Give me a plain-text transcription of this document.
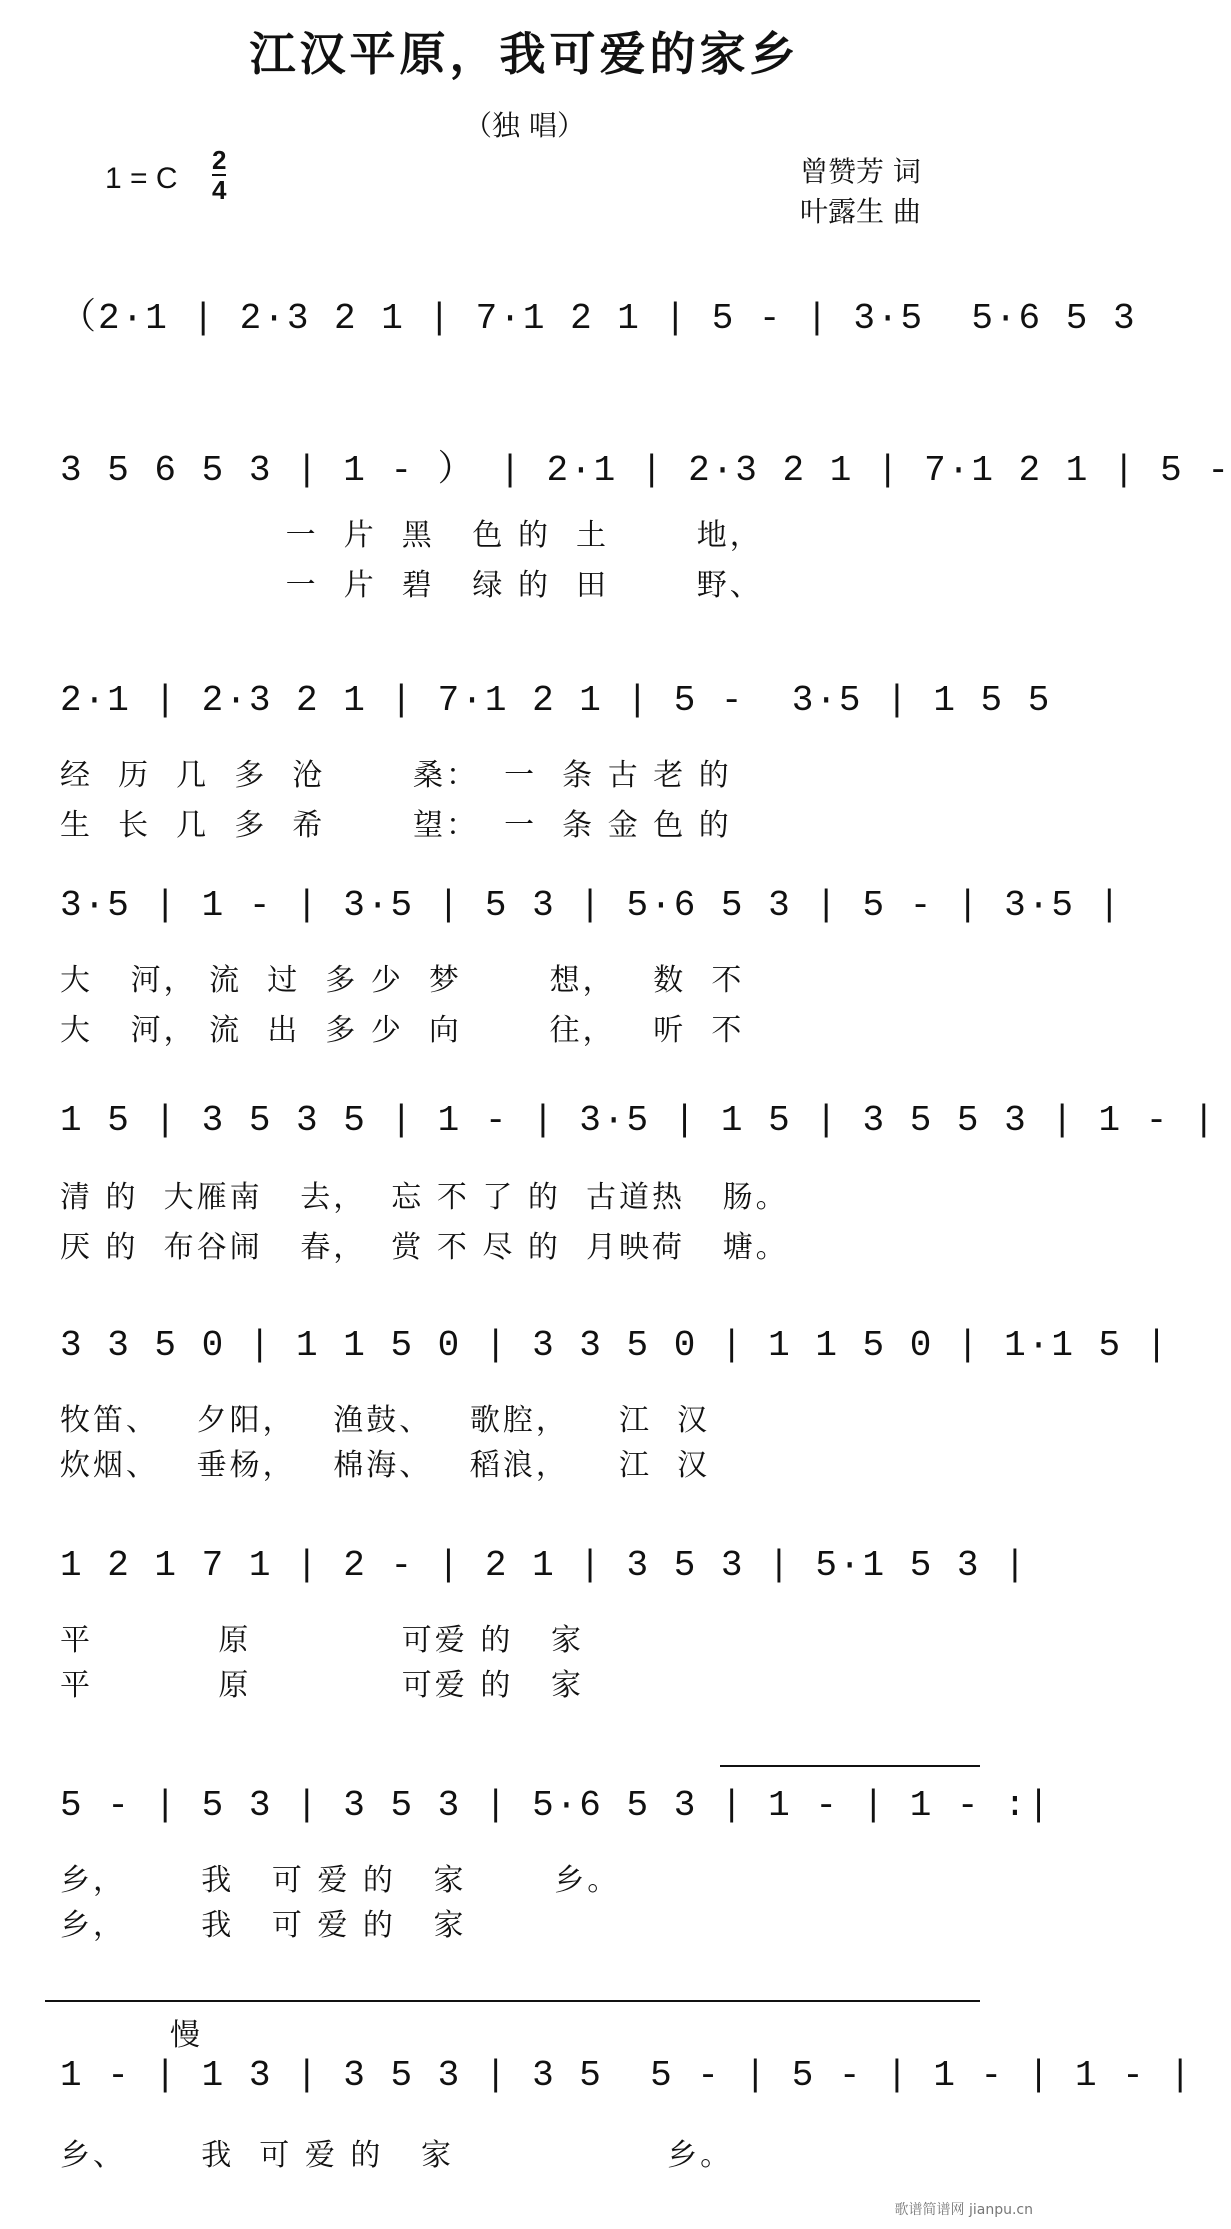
江汉平原，我可爱的家乡
（独 唱）
1 = C
2
4
曾赞芳 词
叶露生 曲
（2·1 | 2·3 2 1 | 7·1 2 1 | 5 - | 3·5  5·6 5 3
3 5 6 5 3 | 1 - ） | 2·1 | 2·3 2 1 | 7·1 2 1 | 5 -
一  片  黑   色 的  土       地，
一  片  碧   绿 的  田       野、
2·1 | 2·3 2 1 | 7·1 2 1 | 5 -  3·5 | 1 5 5
经  历  几  多  沧       桑：  一  条 古 老 的
生  长  几  多  希       望：  一  条 金 色 的
3·5 | 1 - | 3·5 | 5 3 | 5·6 5 3 | 5 - | 3·5 |
大   河， 流  过  多 少  梦       想，   数  不
大   河， 流  出  多 少  向       往，   听  不
1 5 | 3 5 3 5 | 1 - | 3·5 | 1 5 | 3 5 5 3 | 1 - |
清 的  大雁南   去，  忘 不 了 的  古道热   肠。
厌 的  布谷闹   春，  赏 不 尽 的  月映荷   塘。
3 3 5 0 | 1 1 5 0 | 3 3 5 0 | 1 1 5 0 | 1·1 5 |
牧笛、   夕阳，   渔鼓、   歌腔，    江  汉
炊烟、   垂杨，   棉海、   稻浪，    江  汉
1 2 1 7 1 | 2 - | 2 1 | 3 5 3 | 5·1 5 3 |
平          原            可爱 的   家
平          原            可爱 的   家
5 - | 5 3 | 3 5 3 | 5·6 5 3 | 1 - | 1 - :|
乡，      我   可 爱 的   家       乡。
乡，      我   可 爱 的   家
慢
1 - | 1 3 | 3 5 3 | 3 5  5 - | 5 - | 1 - | 1 - |
乡、      我  可 爱 的   家                 乡。
歌谱简谱网 jianpu.cn
